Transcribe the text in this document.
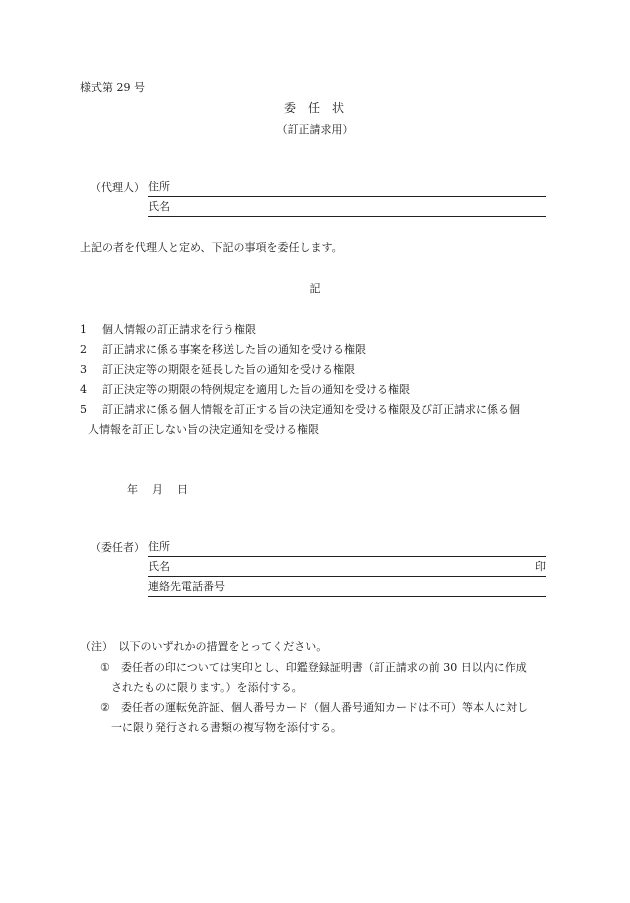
様式第 29 号
委任状
（訂正請求用）
（代理人） 住所
氏名
上記の者を代理人と定め、下記の事項を委任します。
記

1 個人情報の訂正請求を行う権限

2 訂正請求に係る事案を移送した旨の通知を受ける権限

3 訂正決定等の期限を延長した旨の通知を受ける権限

4 訂正決定等の期限の特例規定を適用した旨の通知を受ける権限

5 訂正請求に係る個人情報を訂正する旨の決定通知を受ける権限及び訂正請求に係る個
人情報を訂正しない旨の決定通知を受ける権限

年 月 日
（委任者） 住所
氏名	印
連絡先電話番号
（注）　以下のいずれかの措置をとってください。
①	委任者の印については実印とし、印鑑登録証明書（訂正請求の前 30 日以内に作成
されたものに限ります。）を添付する。
②	委任者の運転免許証、個人番号カード（個人番号通知カードは不可）等本人に対し
一に限り発行される書類の複写物を添付する。
